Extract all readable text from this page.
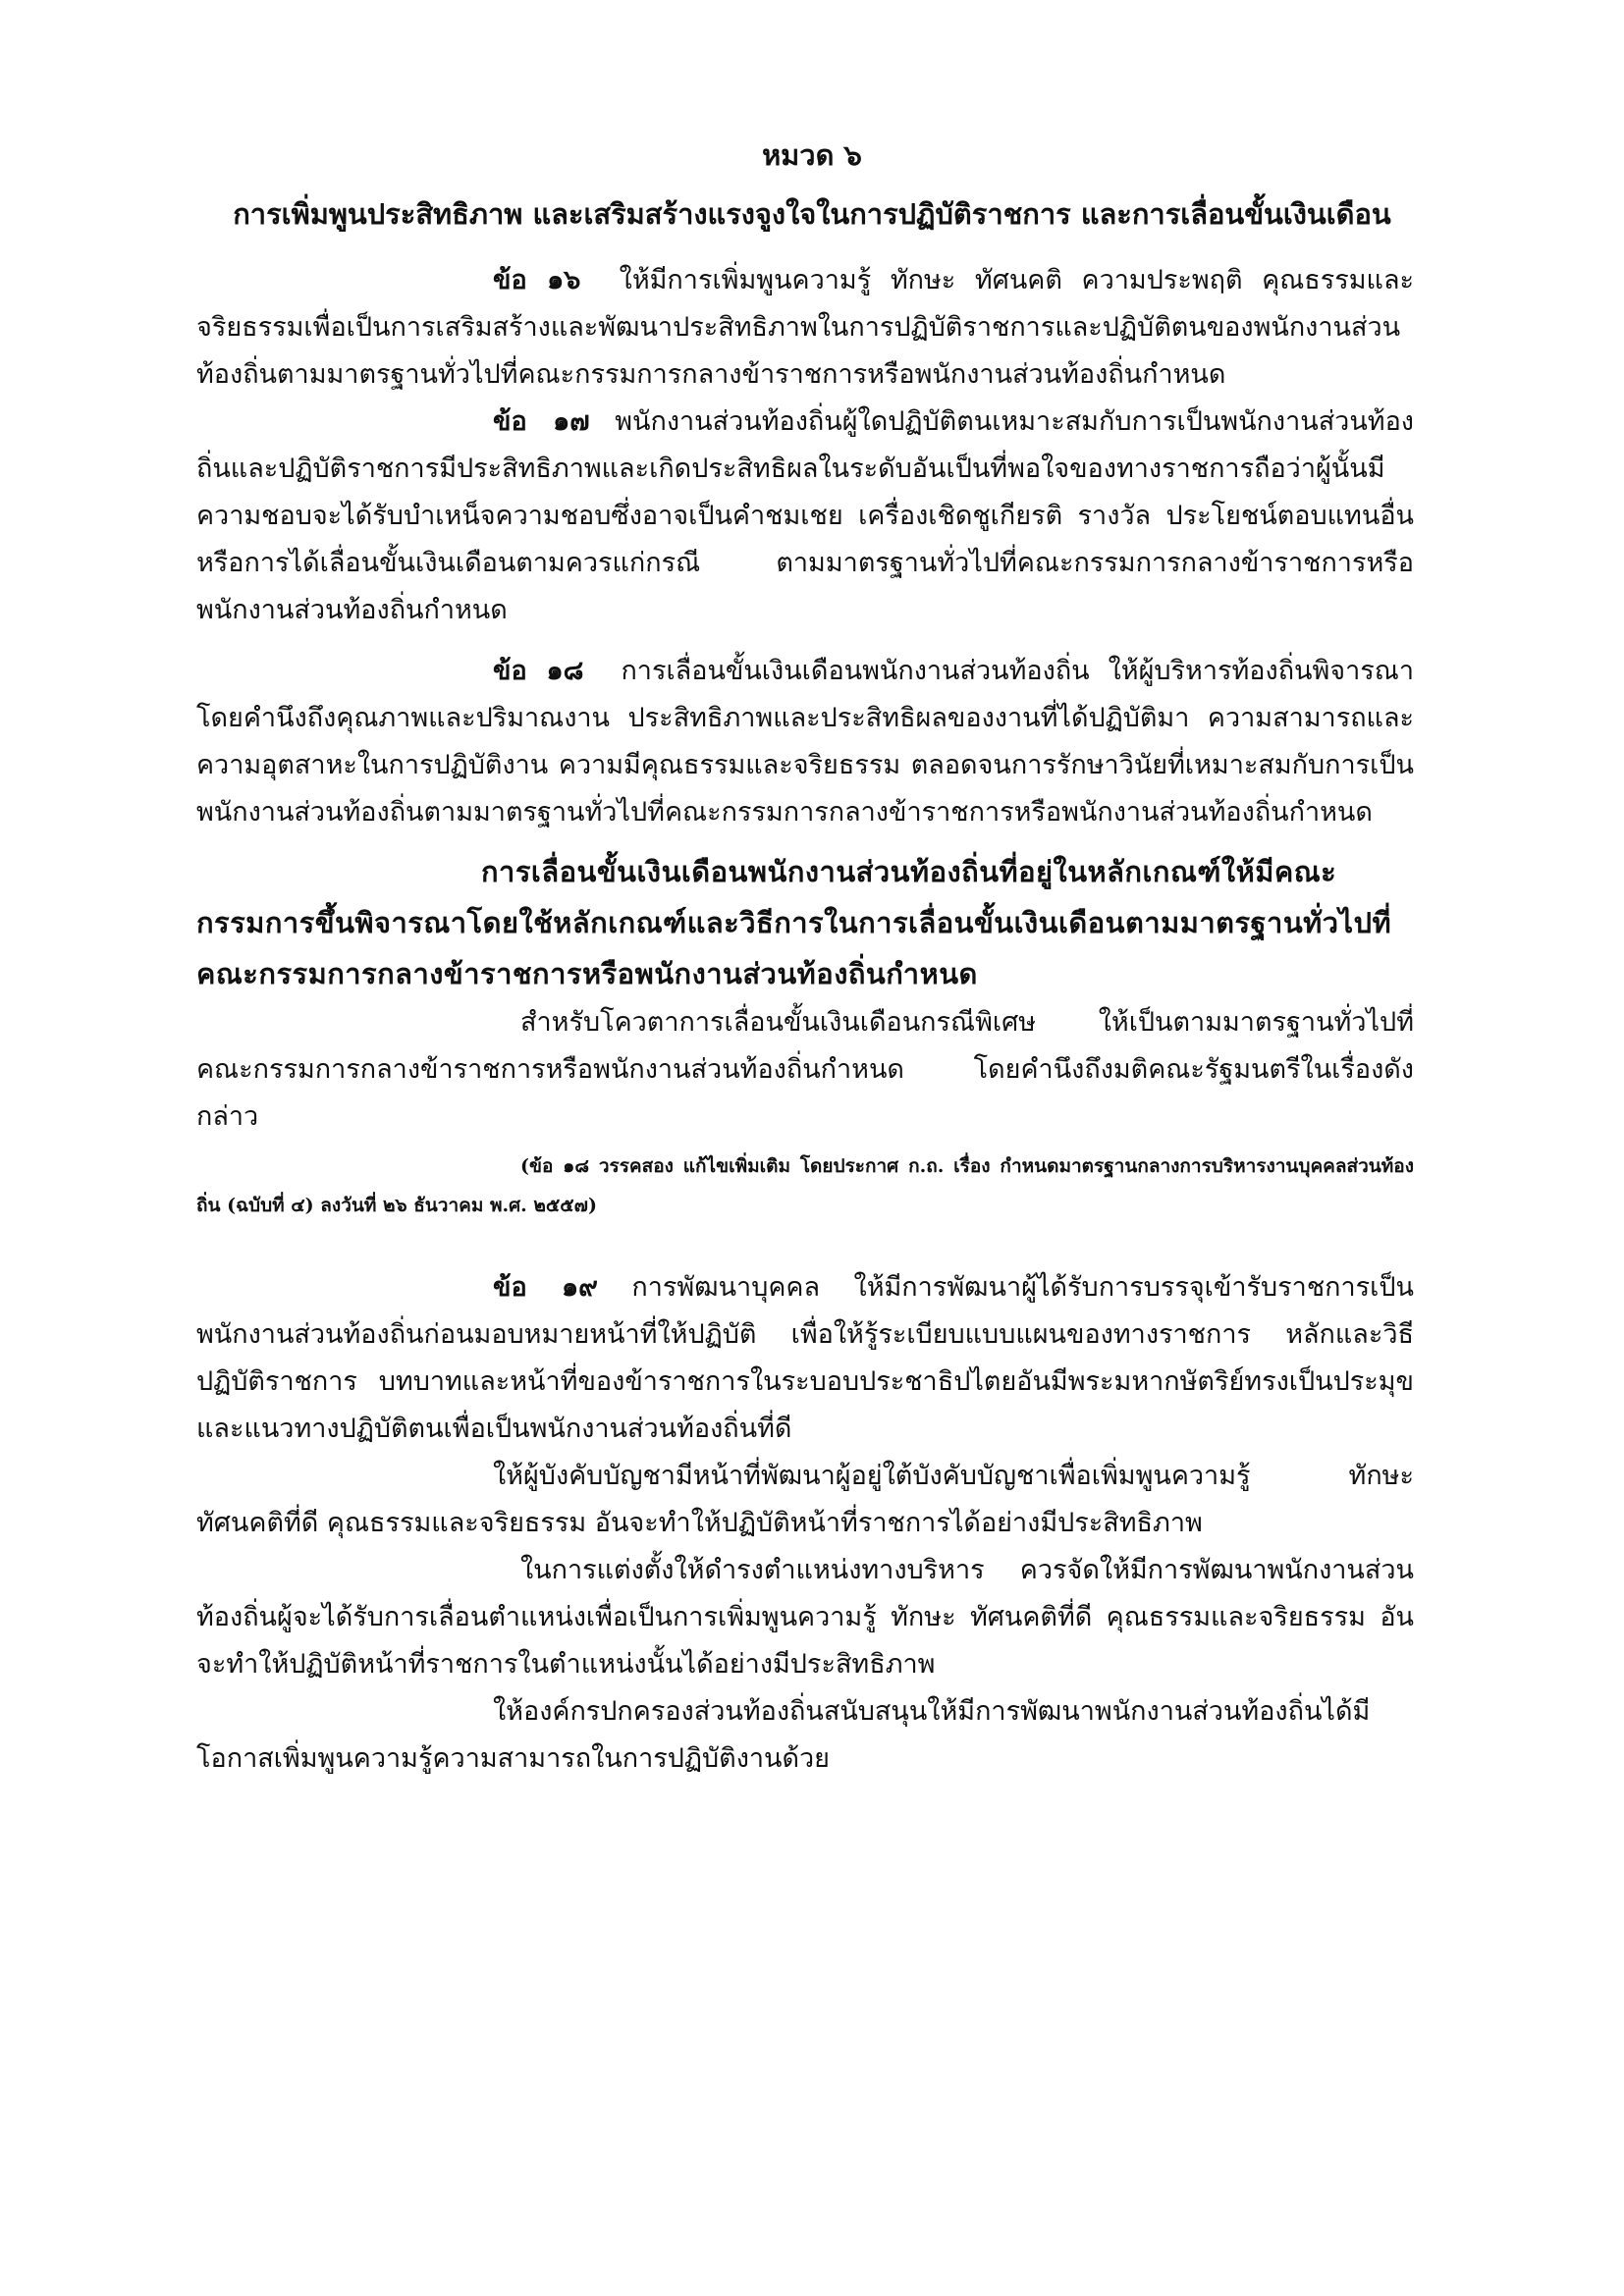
หมวด ๖
การเพิ่มพูนประสิทธิภาพ และเสริมสร้างแรงจูงใจในการปฏิบัติราชการ และการเลื่อนขั้นเงินเดือน

ข้อ ๑๖ ให้มีการเพิ่มพูนความรู้ ทักษะ ทัศนคติ ความประพฤติ คุณธรรมและจริยธรรมเพื่อเป็นการเสริมสร้างและพัฒนาประสิทธิภาพในการปฏิบัติราชการและปฏิบัติตนของพนักงานส่วนท้องถิ่นตามมาตรฐานทั่วไปที่คณะกรรมการกลางข้าราชการหรือพนักงานส่วนท้องถิ่นกำหนด

ข้อ ๑๗ พนักงานส่วนท้องถิ่นผู้ใดปฏิบัติตนเหมาะสมกับการเป็นพนักงานส่วนท้องถิ่นและปฏิบัติราชการมีประสิทธิภาพและเกิดประสิทธิผลในระดับอันเป็นที่พอใจของทางราชการถือว่าผู้นั้นมีความชอบจะได้รับบำเหน็จความชอบซึ่งอาจเป็นคำชมเชย เครื่องเชิดชูเกียรติ รางวัล ประโยชน์ตอบแทนอื่น หรือการได้เลื่อนขั้นเงินเดือนตามควรแก่กรณี ตามมาตรฐานทั่วไปที่คณะกรรมการกลางข้าราชการหรือพนักงานส่วนท้องถิ่นกำหนด

ข้อ ๑๘ การเลื่อนขั้นเงินเดือนพนักงานส่วนท้องถิ่น ให้ผู้บริหารท้องถิ่นพิจารณาโดยคำนึงถึงคุณภาพและปริมาณงาน ประสิทธิภาพและประสิทธิผลของงานที่ได้ปฏิบัติมา ความสามารถและความอุตสาหะในการปฏิบัติงาน ความมีคุณธรรมและจริยธรรม ตลอดจนการรักษาวินัยที่เหมาะสมกับการเป็นพนักงานส่วนท้องถิ่นตามมาตรฐานทั่วไปที่คณะกรรมการกลางข้าราชการหรือพนักงานส่วนท้องถิ่นกำหนด

การเลื่อนขั้นเงินเดือนพนักงานส่วนท้องถิ่นที่อยู่ในหลักเกณฑ์ให้มีคณะกรรมการขึ้นพิจารณาโดยใช้หลักเกณฑ์และวิธีการในการเลื่อนขั้นเงินเดือนตามมาตรฐานทั่วไปที่คณะกรรมการกลางข้าราชการหรือพนักงานส่วนท้องถิ่นกำหนด

สำหรับโควตาการเลื่อนขั้นเงินเดือนกรณีพิเศษ ให้เป็นตามมาตรฐานทั่วไปที่คณะกรรมการกลางข้าราชการหรือพนักงานส่วนท้องถิ่นกำหนด โดยคำนึงถึงมติคณะรัฐมนตรีในเรื่องดังกล่าว

(ข้อ ๑๘ วรรคสอง แก้ไขเพิ่มเติม โดยประกาศ ก.ถ. เรื่อง กำหนดมาตรฐานกลางการบริหารงานบุคคลส่วนท้องถิ่น (ฉบับที่ ๔) ลงวันที่ ๒๖ ธันวาคม พ.ศ. ๒๕๕๗)

ข้อ ๑๙ การพัฒนาบุคคล ให้มีการพัฒนาผู้ได้รับการบรรจุเข้ารับราชการเป็นพนักงานส่วนท้องถิ่นก่อนมอบหมายหน้าที่ให้ปฏิบัติ เพื่อให้รู้ระเบียบแบบแผนของทางราชการ หลักและวิธีปฏิบัติราชการ บทบาทและหน้าที่ของข้าราชการในระบอบประชาธิปไตยอันมีพระมหากษัตริย์ทรงเป็นประมุข และแนวทางปฏิบัติตนเพื่อเป็นพนักงานส่วนท้องถิ่นที่ดี

ให้ผู้บังคับบัญชามีหน้าที่พัฒนาผู้อยู่ใต้บังคับบัญชาเพื่อเพิ่มพูนความรู้ ทักษะ ทัศนคติที่ดี คุณธรรมและจริยธรรม อันจะทำให้ปฏิบัติหน้าที่ราชการได้อย่างมีประสิทธิภาพ

ในการแต่งตั้งให้ดำรงตำแหน่งทางบริหาร ควรจัดให้มีการพัฒนาพนักงานส่วนท้องถิ่นผู้จะได้รับการเลื่อนตำแหน่งเพื่อเป็นการเพิ่มพูนความรู้ ทักษะ ทัศนคติที่ดี คุณธรรมและจริยธรรม อันจะทำให้ปฏิบัติหน้าที่ราชการในตำแหน่งนั้นได้อย่างมีประสิทธิภาพ

ให้องค์กรปกครองส่วนท้องถิ่นสนับสนุนให้มีการพัฒนาพนักงานส่วนท้องถิ่นได้มีโอกาสเพิ่มพูนความรู้ความสามารถในการปฏิบัติงานด้วย
